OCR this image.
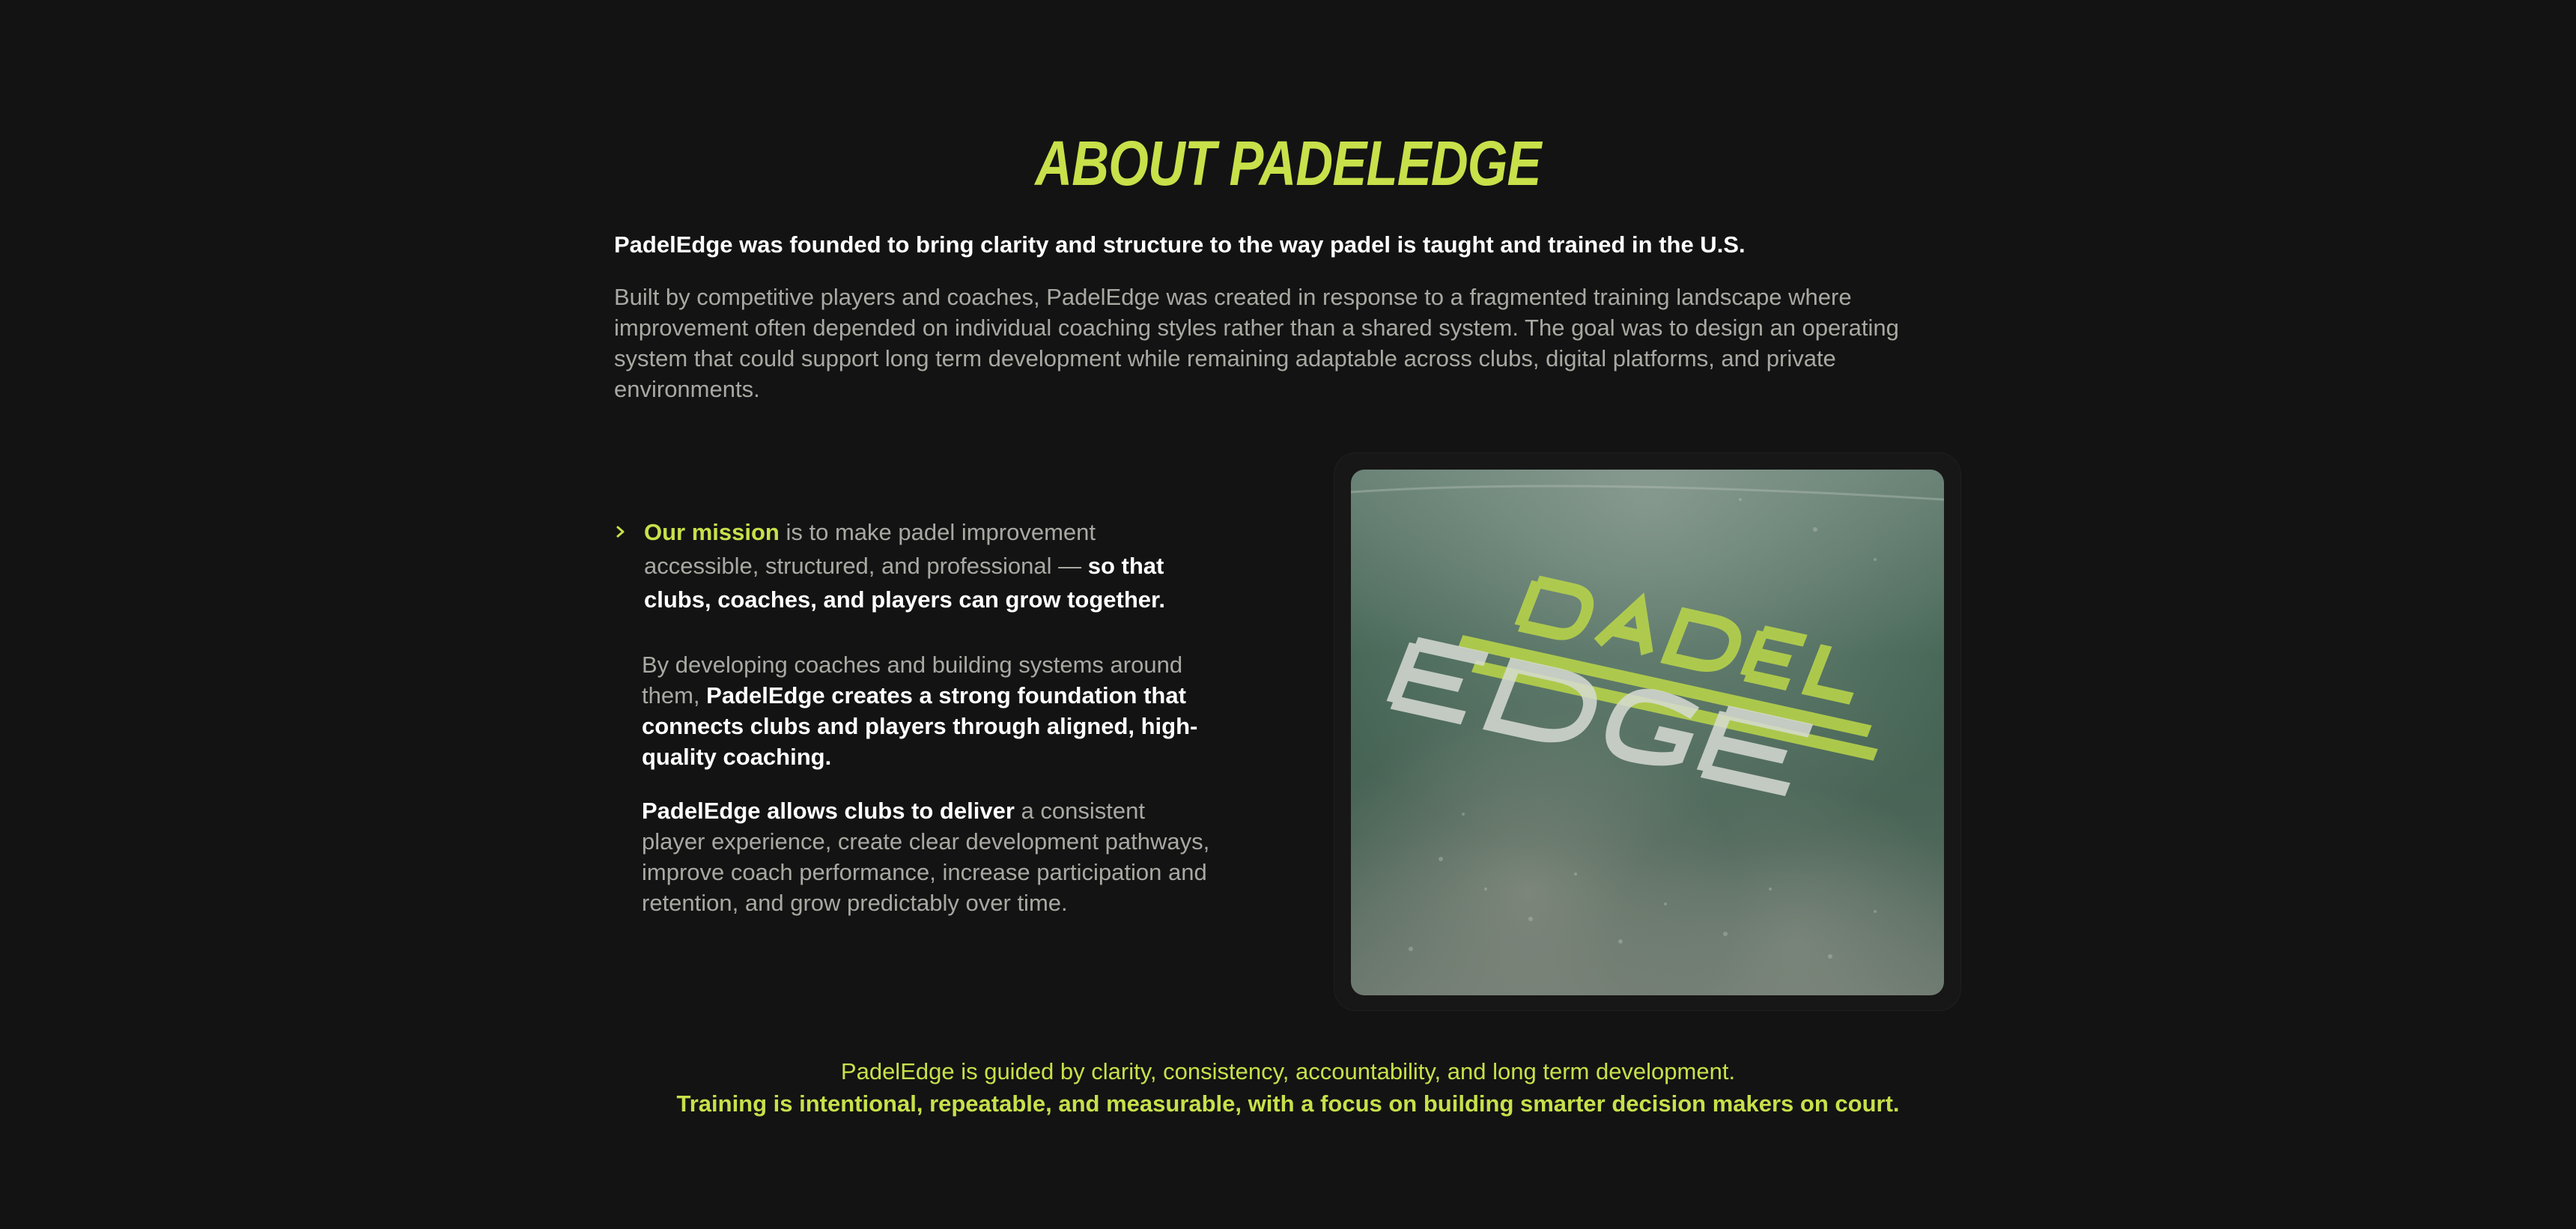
ABOUT PADELEDGE

PadelEdge was founded to bring clarity and structure to the way padel is taught and trained in the U.S.

Built by competitive players and coaches, PadelEdge was created in response to a fragmented training landscape where improvement often depended on individual coaching styles rather than a shared system. The goal was to design an operating system that could support long term development while remaining adaptable across clubs, digital platforms, and private environments.

Our mission is to make padel improvement accessible, structured, and professional — so that clubs, coaches, and players can grow together.

By developing coaches and building systems around them, PadelEdge creates a strong foundation that connects clubs and players through aligned, high-quality coaching.

PadelEdge allows clubs to deliver a consistent player experience, create clear development pathways, improve coach performance, increase participation and retention, and grow predictably over time.

PadelEdge is guided by clarity, consistency, accountability, and long term development.

Training is intentional, repeatable, and measurable, with a focus on building smarter decision makers on court.
